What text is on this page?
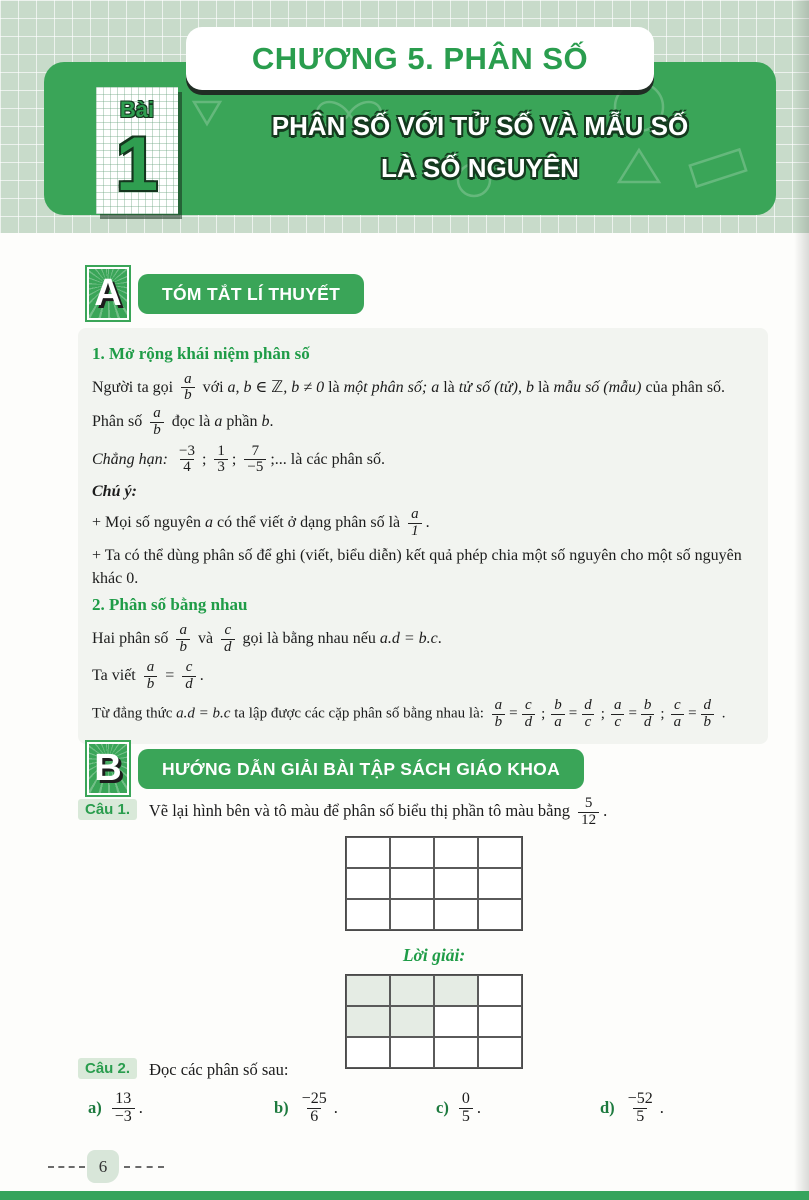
CHƯƠNG 5. PHÂN SỐ
Bài
1	PHÂN SỐ VỚI TỬ SỐ VÀ MẪU SỐ
LÀ SỐ NGUYÊN
A TÓM TẮT LÍ THUYẾT
1. Mở rộng khái niệm phân số

Người ta gọi $\frac{a}{b}$ với a, b ∈ ℤ, b ≠ 0 là một phân số; a là tử số (tử), b là mẫu số (mẫu) của phân số. Phân số $\frac{a}{b}$ đọc là a phần b.

Chẳng hạn: $\frac{-3}{4}$ ; $\frac{1}{3}$ ; $\frac{7}{-5}$ ;... là các phân số.

Chú ý:

+ Mọi số nguyên a có thể viết ở dạng phân số là $\frac{a}{1}$ .

+ Ta có thể dùng phân số để ghi (viết, biểu diễn) kết quả phép chia một số nguyên cho một số nguyên khác 0.

2. Phân số bằng nhau

Hai phân số $\frac{a}{b}$ và $\frac{c}{d}$ gọi là bằng nhau nếu a.d = b.c.

Ta viết $\frac{a}{b} = \frac{c}{d}$ .

Từ đẳng thức a.d = b.c ta lập được các cặp phân số bằng nhau là: $\frac{a}{b} = \frac{c}{d}$ ; $\frac{b}{a} = \frac{d}{c}$ ; $\frac{a}{c} = \frac{b}{d}$ ; $\frac{c}{a} = \frac{d}{b}$ .

B HƯỚNG DẪN GIẢI BÀI TẬP SÁCH GIÁO KHOA

Câu 1. Vẽ lại hình bên và tô màu để phân số biểu thị phần tô màu bằng $\frac{5}{12}$ .

Lời giải:

Câu 2. Đọc các phân số sau:

$a) \frac{13}{-3}$ .	$b) \frac{-25}{6}$ .	$c) \frac{0}{5}$ .	$d) \frac{-52}{5}$ .
6
